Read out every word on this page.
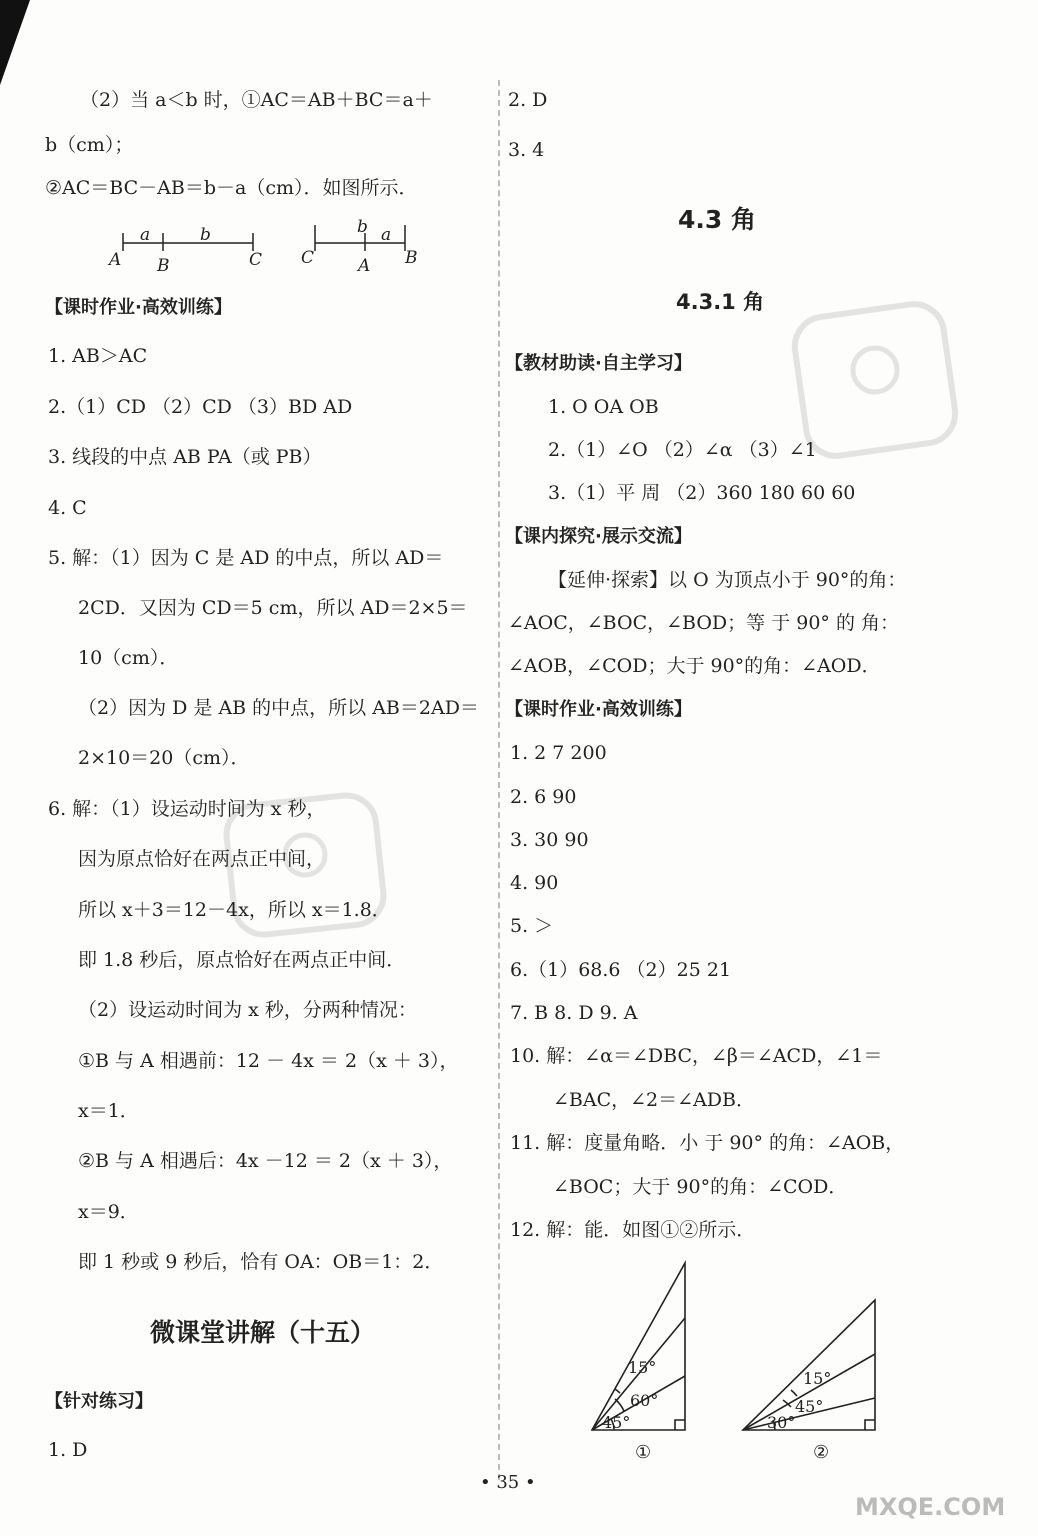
（2）当 a＜b 时，①AC＝AB＋BC＝a＋
b（cm）；
②AC＝BC－AB＝b－a（cm）．如图所示．
a	b	b a
A B	C C	A B
【课时作业·高效训练】
1. AB＞AC
2.（1）CD （2）CD （3）BD AD
3. 线段的中点 AB PA（或 PB）
4. C
5. 解：（1）因为 C 是 AD 的中点，所以 AD＝
2CD．又因为 CD＝5 cm，所以 AD＝2×5＝
10（cm）．
（2）因为 D 是 AB 的中点，所以 AB＝2AD＝
2×10＝20（cm）．
6. 解：（1）设运动时间为 x 秒，
因为原点恰好在两点正中间，
所以 x＋3＝12－4x，所以 x＝1.8．
即 1.8 秒后，原点恰好在两点正中间．
（2）设运动时间为 x 秒，分两种情况：
①B 与 A 相遇前：12 － 4x ＝ 2（x ＋ 3），
x＝1．
②B 与 A 相遇后：4x －12 ＝ 2（x ＋ 3），
x＝9．
即 1 秒或 9 秒后，恰有 OA：OB＝1：2．
微课堂讲解（十五）
【针对练习】
1. D
2. D
3. 4
4.3 角
4.3.1 角
【教材助读·自主学习】
1. O OA OB
2.（1）∠O （2）∠α （3）∠1
3.（1）平 周 （2）360 180 60 60
【课内探究·展示交流】
【延伸·探索】以 O 为顶点小于 90°的角：
∠AOC，∠BOC，∠BOD；等 于 90° 的 角：
∠AOB，∠COD；大于 90°的角：∠AOD．
【课时作业·高效训练】
1. 2 7 200
2. 6 90
3. 30 90
4. 90
5. ＞
6.（1）68.6 （2）25 21
7. B 8. D 9. A
10. 解：∠α＝∠DBC，∠β＝∠ACD，∠1＝
∠BAC，∠2＝∠ADB．
11. 解：度量角略．小 于 90° 的角：∠AOB，
∠BOC；大于 90°的角：∠COD．
12. 解：能．如图①②所示．
15°
60°
45°
①
15°
45°
30°
②
MXQE.COM
• 35 •
